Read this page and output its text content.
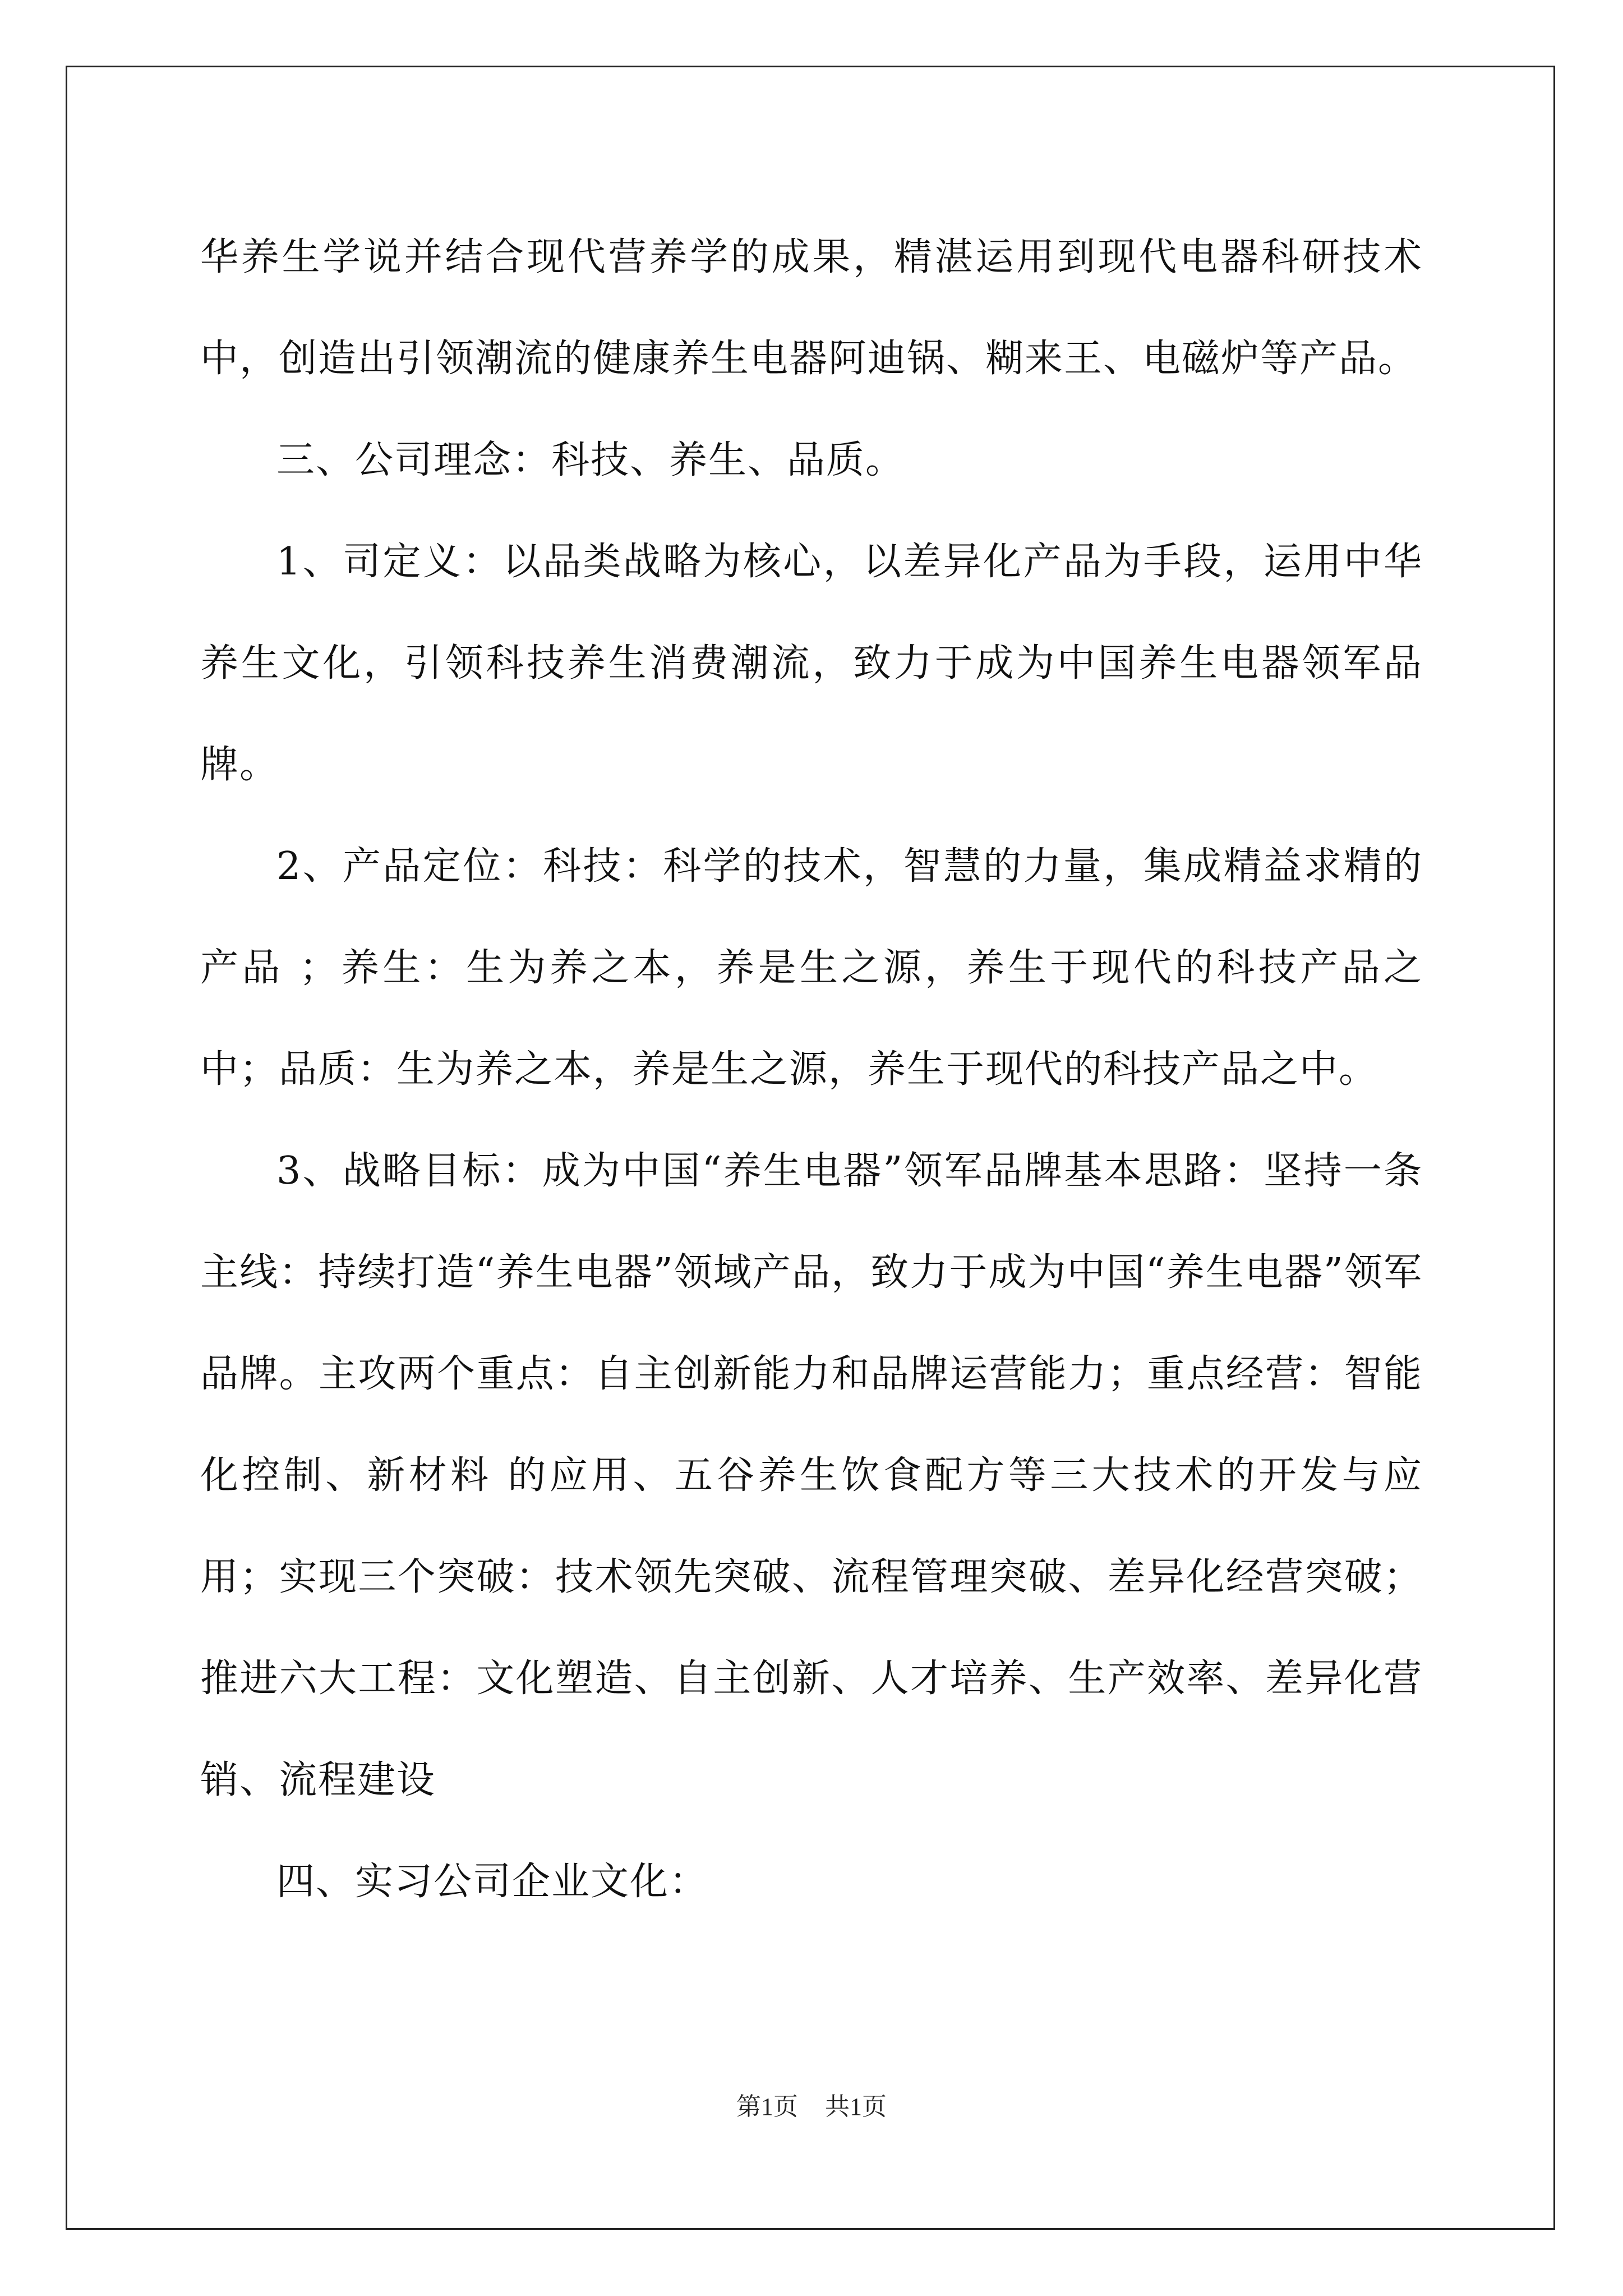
华养生学说并结合现代营养学的成果，精湛运用到现代电器科研技术中，创造出引领潮流的健康养生电器阿迪锅、糊来王、电磁炉等产品。

三、公司理念：科技、养生、品质。

1、司定义：以品类战略为核心，以差异化产品为手段，运用中华养生文化，引领科技养生消费潮流，致力于成为中国养生电器领军品牌。

2、产品定位：科技：科学的技术，智慧的力量，集成精益求精的产品 ；养生：生为养之本，养是生之源，养生于现代的科技产品之中；品质：生为养之本，养是生之源，养生于现代的科技产品之中。

3、战略目标：成为中国“养生电器”领军品牌基本思路：坚持一条主线：持续打造“养生电器”领域产品，致力于成为中国“养生电器”领军品牌。主攻两个重点：自主创新能力和品牌运营能力；重点经营：智能化控制、新材料 的应用、五谷养生饮食配方等三大技术的开发与应用；实现三个突破：技术领先突破、流程管理突破、差异化经营突破；推进六大工程：文化塑造、自主创新、人才培养、生产效率、差异化营销、流程建设

四、实习公司企业文化：

第1页 共1页
